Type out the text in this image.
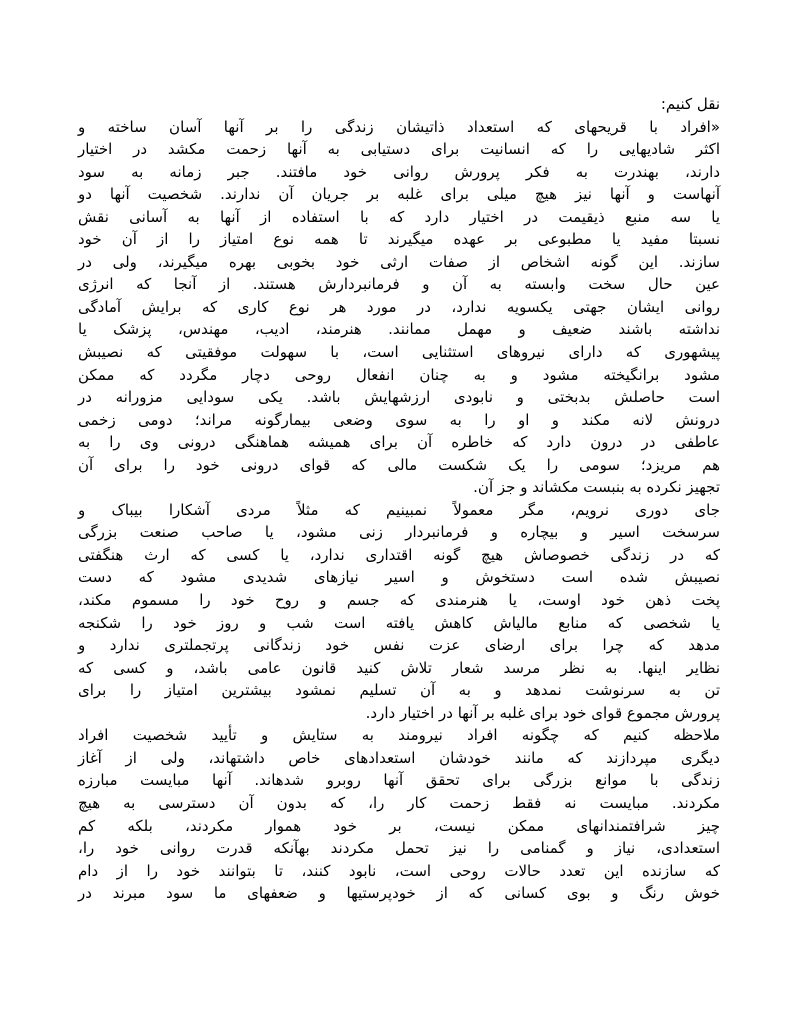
نقل کنیم:
«افراد با قریحهای که استعداد ذاتیشان زندگی را بر آنها آسان ساخته و
اکثر شادیهایی را که انسانیت برای دستیابی به آنها زحمت مکشد در اختیار
دارند، بهندرت به فکر پرورش روانی خود مافتند. جبر زمانه به سود
آنهاست و آنها نیز هیچ میلی برای غلبه بر جریان آن ندارند. شخصیت آنها دو
یا سه منبع ذیقیمت در اختیار دارد که با استفاده از آنها به آسانی نقش
نسبتا مفید یا مطبوعی بر عهده میگیرند تا همه نوع امتیاز را از آن خود
سازند. این گونه اشخاص از صفات ارثی خود بخوبی بهره میگیرند، ولی در
عین حال سخت وابسته به آن و فرمانبردارش هستند. از آنجا که انرژی
روانی ایشان جهتی یکسویه ندارد، در مورد هر نوع کاری که برایش آمادگی
نداشته باشند ضعیف و مهمل ممانند. هنرمند، ادیب، مهندس، پزشک یا
پیشهوری که دارای نیروهای استثنایی است، با سهولت موفقیتی که نصیبش
مشود برانگیخته مشود و به چنان انفعال روحی دچار مگردد که ممکن
است حاصلش بدبختی و نابودی ارزشهایش باشد. یکی سودایی مزورانه در
درونش لانه مکند و او را به سوی وضعی بیمارگونه مراند؛ دومی زخمی
عاطفی در درون دارد که خاطره آن برای همیشه هماهنگی درونی وی را به
هم مریزد؛ سومی را یک شکست مالی که قوای درونی خود را برای آن
تجهیز نکرده به بنبست مکشاند و جز آن.
جای دوری نرویم، مگر معمولاً نمبینیم که مثلاً مردی آشکارا بیباک و
سرسخت اسیر و بیچاره و فرمانبردار زنی مشود، یا صاحب صنعت بزرگی
که در زندگی خصوصاش هیچ گونه اقتداری ندارد، یا کسی که ارث هنگفتی
نصیبش شده است دستخوش و اسیر نیازهای شدیدی مشود که دست
پخت ذهن خود اوست، یا هنرمندی که جسم و روح خود را مسموم مکند،
یا شخصی که منابع مالیاش کاهش یافته است شب و روز خود را شکنجه
مدهد که چرا برای ارضای عزت نفس خود زندگانی پرتجملتری ندارد و
نظایر اینها. به نظر مرسد شعار تلاش کنید قانون عامی باشد، و کسی که
تن به سرنوشت نمدهد و به آن تسلیم نمشود بیشترین امتیاز را برای
پرورش مجموع قوای خود برای غلبه بر آنها در اختیار دارد.
ملاحظه کنیم که چگونه افراد نیرومند به ستایش و تأیید شخصیت افراد
دیگری مپردازند که مانند خودشان استعدادهای خاص داشتهاند، ولی از آغاز
زندگی با موانع بزرگی برای تحقق آنها روبرو شدهاند. آنها مبایست مبارزه
مکردند. مبایست نه فقط زحمت کار را، که بدون آن دسترسی به هیچ
چیز شرافتمندانهای ممکن نیست، بر خود هموار مکردند، بلکه کم
استعدادی، نیاز و گمنامی را نیز تحمل مکردند بهآنکه قدرت روانی خود را،
که سازنده این تعدد حالات روحی است، نابود کنند، تا بتوانند خود را از دام
خوش رنگ و بوی کسانی که از خودپرستیها و ضعفهای ما سود مبرند در
